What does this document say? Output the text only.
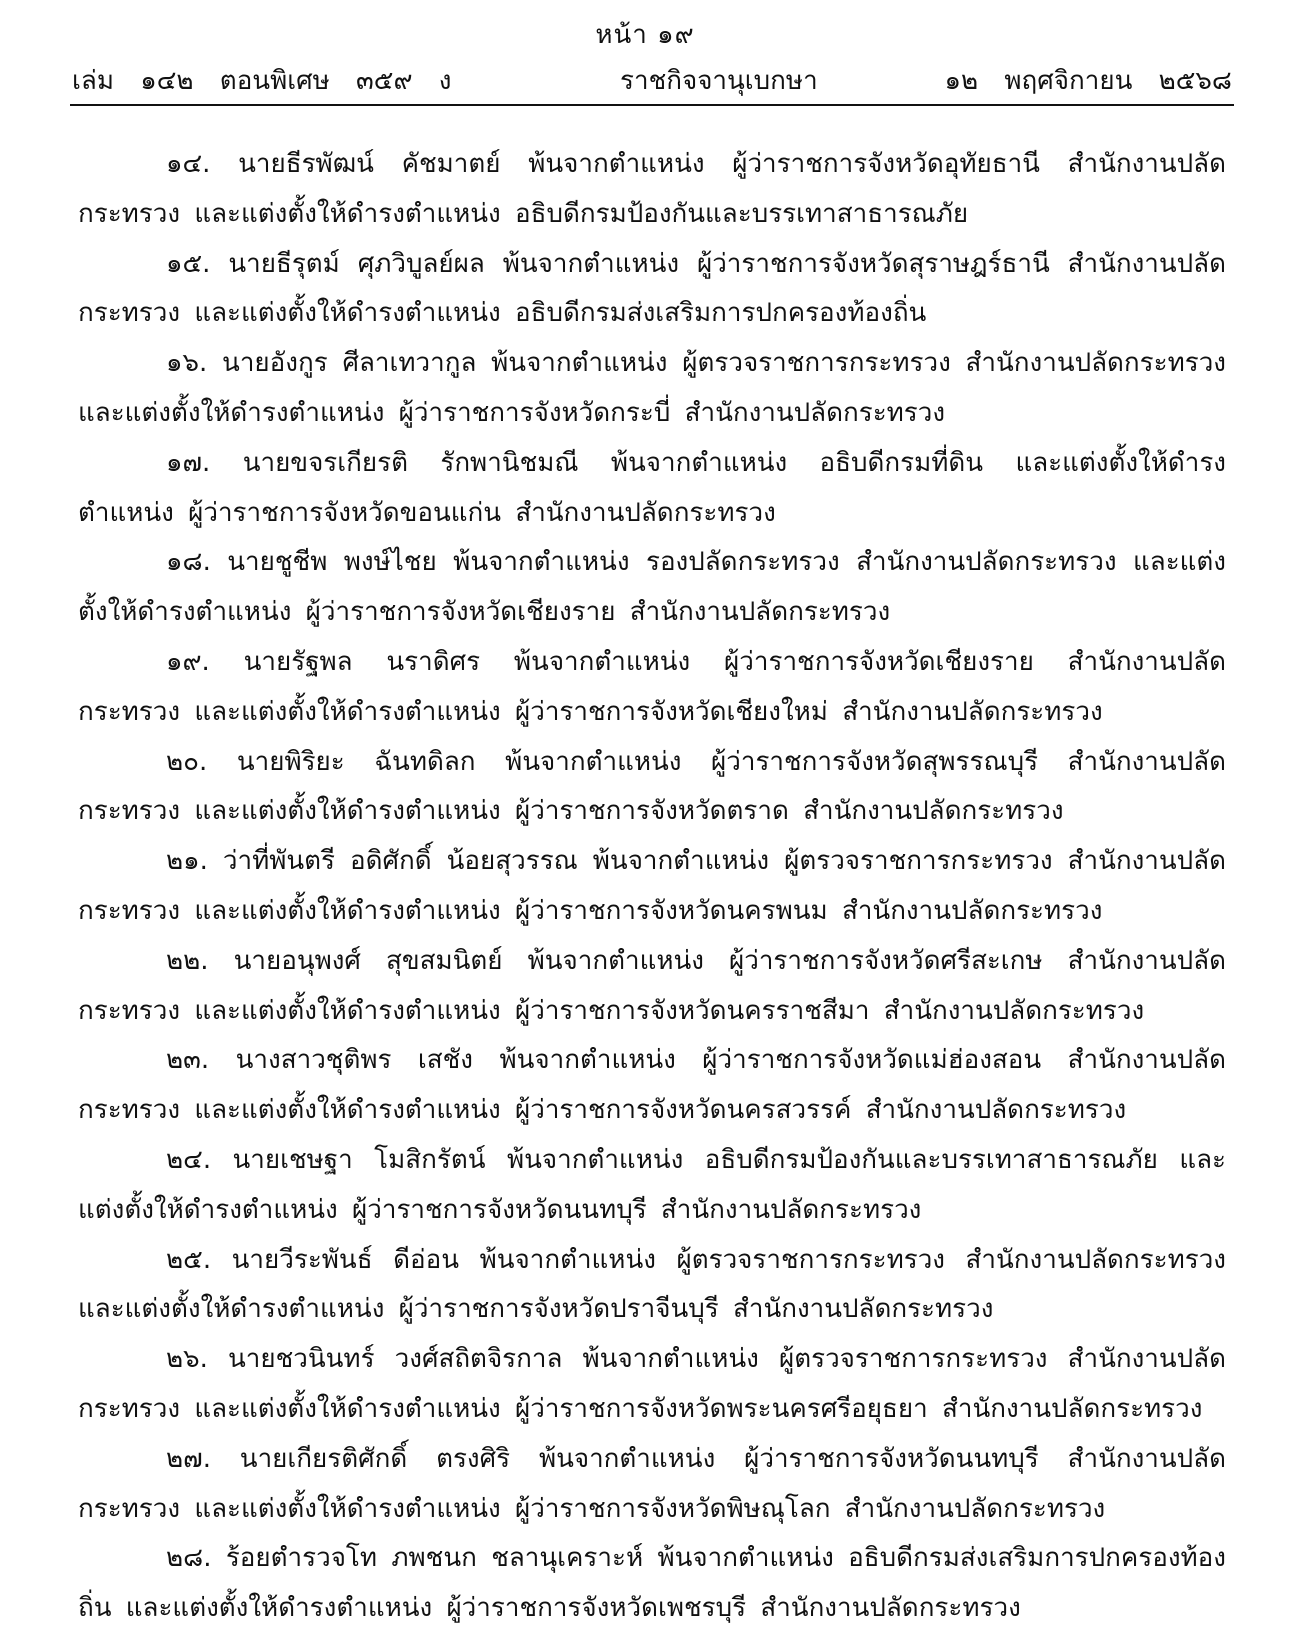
หน้า ๑๙
เล่ม ๑๔๒ ตอนพิเศษ ๓๕๙ ง	ราชกิจจานุเบกษา	๑๒ พฤศจิกายน ๒๕๖๘

๑๔. นายธีรพัฒน์ คัชมาตย์ พ้นจากตำแหน่ง ผู้ว่าราชการจังหวัดอุทัยธานี สำนักงานปลัดกระทรวง และแต่งตั้งให้ดำรงตำแหน่ง อธิบดีกรมป้องกันและบรรเทาสาธารณภัย

๑๕. นายธีรุตม์ ศุภวิบูลย์ผล พ้นจากตำแหน่ง ผู้ว่าราชการจังหวัดสุราษฎร์ธานี สำนักงานปลัดกระทรวง และแต่งตั้งให้ดำรงตำแหน่ง อธิบดีกรมส่งเสริมการปกครองท้องถิ่น

๑๖. นายอังกูร ศีลาเทวากูล พ้นจากตำแหน่ง ผู้ตรวจราชการกระทรวง สำนักงานปลัดกระทรวง และแต่งตั้งให้ดำรงตำแหน่ง ผู้ว่าราชการจังหวัดกระบี่ สำนักงานปลัดกระทรวง

๑๗. นายขจรเกียรติ รักพานิชมณี พ้นจากตำแหน่ง อธิบดีกรมที่ดิน และแต่งตั้งให้ดำรงตำแหน่ง ผู้ว่าราชการจังหวัดขอนแก่น สำนักงานปลัดกระทรวง

๑๘. นายชูชีพ พงษ์ไชย พ้นจากตำแหน่ง รองปลัดกระทรวง สำนักงานปลัดกระทรวง และแต่งตั้งให้ดำรงตำแหน่ง ผู้ว่าราชการจังหวัดเชียงราย สำนักงานปลัดกระทรวง

๑๙. นายรัฐพล นราดิศร พ้นจากตำแหน่ง ผู้ว่าราชการจังหวัดเชียงราย สำนักงานปลัดกระทรวง และแต่งตั้งให้ดำรงตำแหน่ง ผู้ว่าราชการจังหวัดเชียงใหม่ สำนักงานปลัดกระทรวง

๒๐. นายพิริยะ ฉันทดิลก พ้นจากตำแหน่ง ผู้ว่าราชการจังหวัดสุพรรณบุรี สำนักงานปลัดกระทรวง และแต่งตั้งให้ดำรงตำแหน่ง ผู้ว่าราชการจังหวัดตราด สำนักงานปลัดกระทรวง

๒๑. ว่าที่พันตรี อดิศักดิ์ น้อยสุวรรณ พ้นจากตำแหน่ง ผู้ตรวจราชการกระทรวง สำนักงานปลัดกระทรวง และแต่งตั้งให้ดำรงตำแหน่ง ผู้ว่าราชการจังหวัดนครพนม สำนักงานปลัดกระทรวง

๒๒. นายอนุพงศ์ สุขสมนิตย์ พ้นจากตำแหน่ง ผู้ว่าราชการจังหวัดศรีสะเกษ สำนักงานปลัดกระทรวง และแต่งตั้งให้ดำรงตำแหน่ง ผู้ว่าราชการจังหวัดนครราชสีมา สำนักงานปลัดกระทรวง

๒๓. นางสาวชุติพร เสชัง พ้นจากตำแหน่ง ผู้ว่าราชการจังหวัดแม่ฮ่องสอน สำนักงานปลัดกระทรวง และแต่งตั้งให้ดำรงตำแหน่ง ผู้ว่าราชการจังหวัดนครสวรรค์ สำนักงานปลัดกระทรวง

๒๔. นายเชษฐา โมสิกรัตน์ พ้นจากตำแหน่ง อธิบดีกรมป้องกันและบรรเทาสาธารณภัย และแต่งตั้งให้ดำรงตำแหน่ง ผู้ว่าราชการจังหวัดนนทบุรี สำนักงานปลัดกระทรวง

๒๕. นายวีระพันธ์ ดีอ่อน พ้นจากตำแหน่ง ผู้ตรวจราชการกระทรวง สำนักงานปลัดกระทรวง และแต่งตั้งให้ดำรงตำแหน่ง ผู้ว่าราชการจังหวัดปราจีนบุรี สำนักงานปลัดกระทรวง

๒๖. นายชวนินทร์ วงศ์สถิตจิรกาล พ้นจากตำแหน่ง ผู้ตรวจราชการกระทรวง สำนักงานปลัดกระทรวง และแต่งตั้งให้ดำรงตำแหน่ง ผู้ว่าราชการจังหวัดพระนครศรีอยุธยา สำนักงานปลัดกระทรวง

๒๗. นายเกียรติศักดิ์ ตรงศิริ พ้นจากตำแหน่ง ผู้ว่าราชการจังหวัดนนทบุรี สำนักงานปลัดกระทรวง และแต่งตั้งให้ดำรงตำแหน่ง ผู้ว่าราชการจังหวัดพิษณุโลก สำนักงานปลัดกระทรวง

๒๘. ร้อยตำรวจโท ภพชนก ชลานุเคราะห์ พ้นจากตำแหน่ง อธิบดีกรมส่งเสริมการปกครองท้องถิ่น และแต่งตั้งให้ดำรงตำแหน่ง ผู้ว่าราชการจังหวัดเพชรบุรี สำนักงานปลัดกระทรวง
